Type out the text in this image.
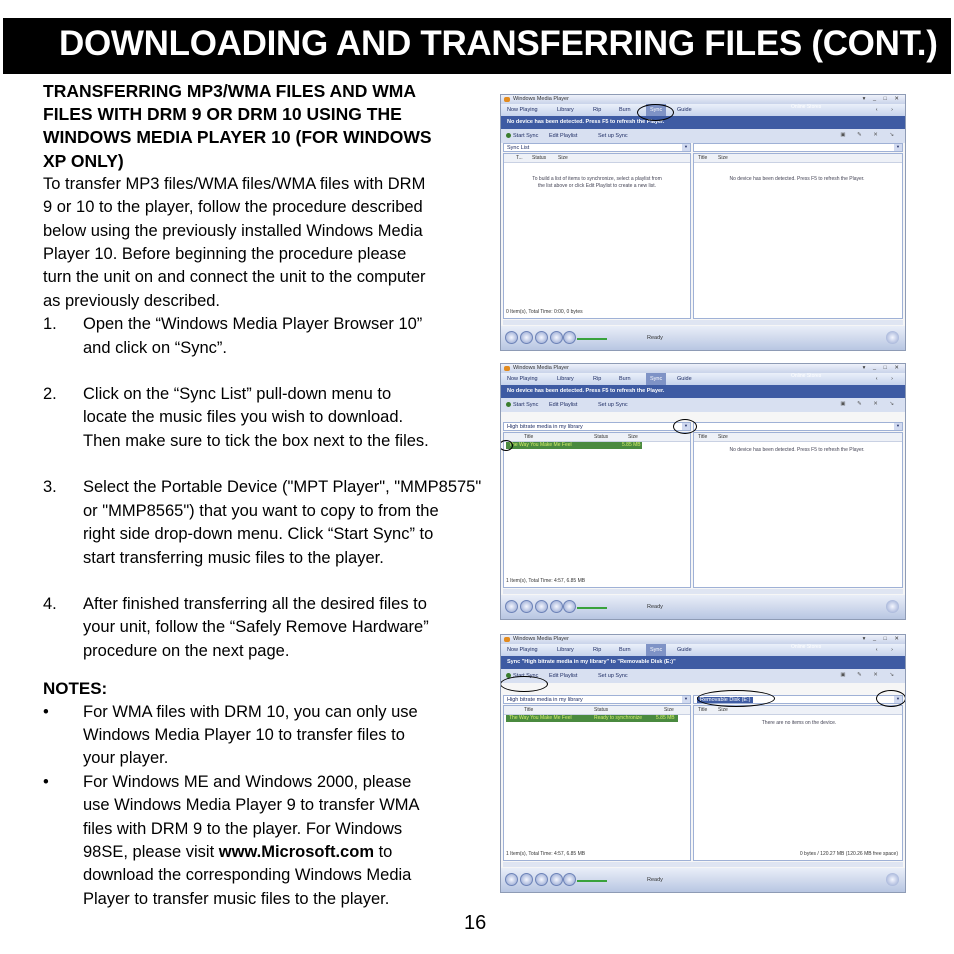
DOWNLOADING AND TRANSFERRING FILES (CONT.)

TRANSFERRING MP3/WMA FILES AND WMA
FILES WITH DRM 9 OR DRM 10 USING THE
WINDOWS MEDIA PLAYER 10 (FOR WINDOWS
XP ONLY)

To transfer MP3 files/WMA files/WMA files with DRM
9 or 10 to the player, follow the procedure described
below using the previously installed Windows Media
Player 10. Before beginning the procedure please
turn the unit on and connect the unit to the computer
as previously described.

1. Open the “Windows Media Player Browser 10”
and click on “Sync”.
2. Click on the “Sync List” pull-down menu to
locate the music files you wish to download.
Then make sure to tick the box next to the files.
3. Select the Portable Device ("MPT Player", "MMP8575"
or "MMP8565") that you want to copy to from the
right side drop-down menu. Click “Start Sync” to
start transferring music files to the player.
4. After finished transferring all the desired files to
your unit, follow the “Safely Remove Hardware”
procedure on the next page.

NOTES:

• For WMA files with DRM 10, you can only use
Windows Media Player 10 to transfer files to
your player.
• For Windows ME and Windows 2000, please
use Windows Media Player 9 to transfer WMA
files with DRM 9 to the player. For Windows
98SE, please visit www.Microsoft.com to
download the corresponding Windows Media
Player to transfer music files to the player.
16
Windows Media Player	▾ _ □ ✕
Now Playing	Library	Rip	Burn	Sync	Guide	Online Stores	‹ ›
No device has been detected. Press F5 to refresh the Player.
Start Sync Edit Playlist	Set up Sync	▣ ✎ ✕ ↘
Sync List	▼	▼
T... Status Size
To build a list of items to synchronize, select a playlist from the list above or click Edit Playlist to create a new list.
0 Item(s), Total Time: 0:00, 0 bytes
Title Size
No device has been detected. Press F5 to refresh the Player.
Ready
Windows Media Player	▾ _ □ ✕
Now Playing	Library	Rip	Burn	Sync	Guide	Online Stores	‹ ›
No device has been detected. Press F5 to refresh the Player.
Start Sync Edit Playlist	Set up Sync	▣ ✎ ✕ ↘
High bitrate media in my library	▼	▼
Title	Status	Size
The Way You Make Me Feel	5.85 MB
1 Item(s), Total Time: 4:57, 6.85 MB
Title Size
No device has been detected. Press F5 to refresh the Player.
Ready
Windows Media Player	▾ _ □ ✕
Now Playing	Library	Rip	Burn	Sync	Guide	Online Stores	‹ ›
Sync "High bitrate media in my library" to "Removable Disk (E:)"
Start Sync Edit Playlist	Set up Sync	▣ ✎ ✕ ↘
High bitrate media in my library	▼	Removable Disk (E:)	▼
Title	Status	Size
The Way You Make Me Feel	Ready to synchronize	5.85 MB
1 Item(s), Total Time: 4:57, 6.85 MB
Title Size
There are no items on the device.
0 bytes / 120.27 MB (120.26 MB free space)
Ready
